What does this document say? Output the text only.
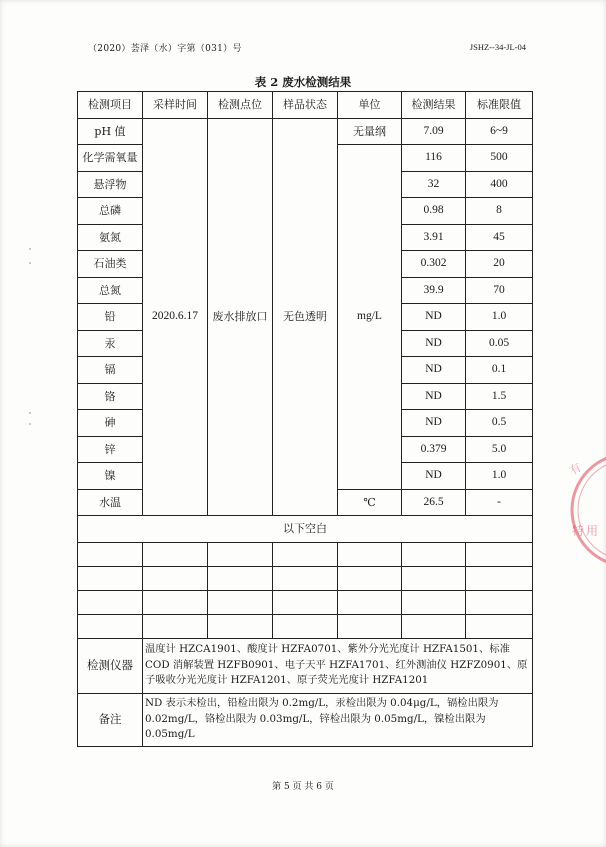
（2020）荟泽（水）字第（031）号	JSHZ--34-JL-04
表 2 废水检测结果
检测项目	采样时间	检测点位	样品状态	单位	检测结果	标准限值
pH 值	2020.6.17	废水排放口	无色透明	无量纲	7.09	6~9
化学需氧量				mg/L	116	500
悬浮物					32	400
总磷					0.98	8
氨氮					3.91	45
石油类					0.302	20
总氮					39.9	70
铅					ND	1.0
汞					ND	0.05
镉					ND	0.1
铬					ND	1.5
砷					ND	0.5
锌					0.379	5.0
镍					ND	1.0
水温				℃	26.5	-
以下空白						

检测仪器	温度计 HZCA1901、酸度计 HZFA0701、紫外分光光度计 HZFA1501、标准COD 消解装置 HZFB0901、电子天平 HZFA1701、红外测油仪 HZFZ0901、原子吸收分光光度计 HZFA1201、原子荧光光度计 HZFA1201					
备注	ND 表示未检出，铅检出限为 0.2mg/L，汞检出限为 0.04μg/L，镉检出限为 0.02mg/L，铬检出限为 0.03mg/L，锌检出限为 0.05mg/L，镍检出限为 0.05mg/L					
有
特 用
第 5 页 共 6 页
